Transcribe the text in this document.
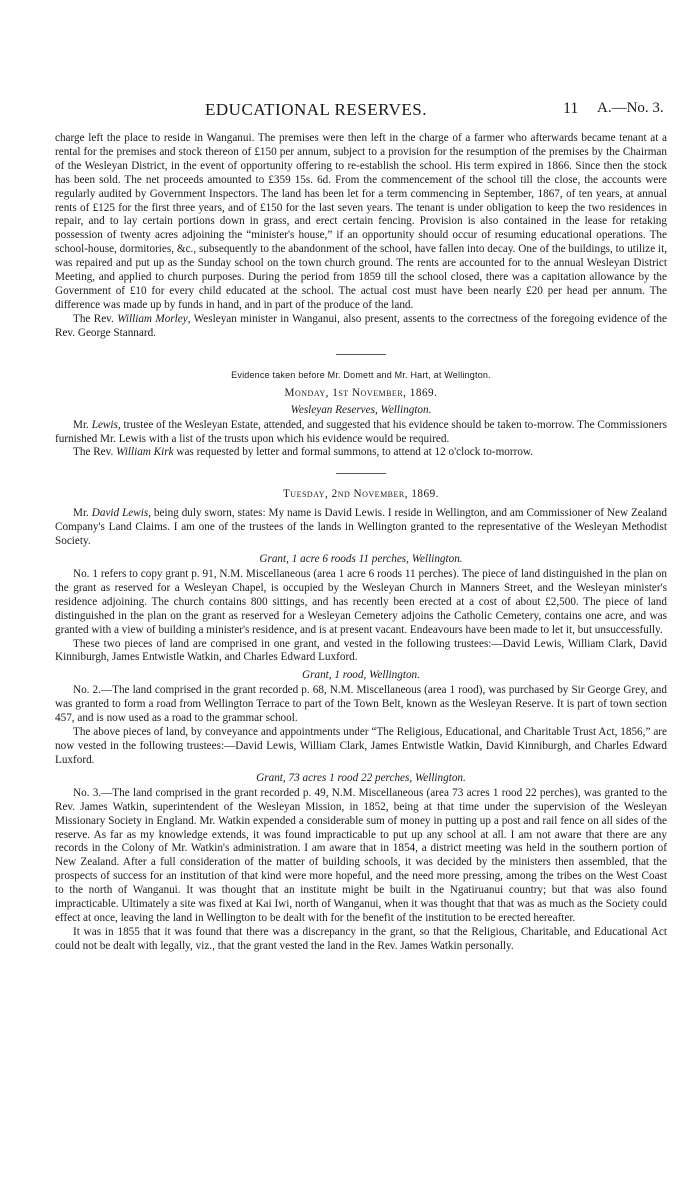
EDUCATIONAL RESERVES.	11 A.—No. 3.

charge left the place to reside in Wanganui. The premises were then left in the charge of a farmer who afterwards became tenant at a rental for the premises and stock thereon of £150 per annum, subject to a provision for the resumption of the premises by the Chairman of the Wesleyan District, in the event of opportunity offering to re-establish the school. His term expired in 1866. Since then the stock has been sold. The net proceeds amounted to £359 15s. 6d. From the commencement of the school till the close, the accounts were regularly audited by Government Inspectors. The land has been let for a term commencing in September, 1867, of ten years, at annual rents of £125 for the first three years, and of £150 for the last seven years. The tenant is under obligation to keep the two residences in repair, and to lay certain portions down in grass, and erect certain fencing. Provision is also contained in the lease for retaking possession of twenty acres adjoining the “minister's house,” if an opportunity should occur of resuming educational operations. The school-house, dormitories, &c., subsequently to the abandonment of the school, have fallen into decay. One of the buildings, to utilize it, was repaired and put up as the Sunday school on the town church ground. The rents are accounted for to the annual Wesleyan District Meeting, and applied to church purposes. During the period from 1859 till the school closed, there was a capitation allowance by the Government of £10 for every child educated at the school. The actual cost must have been nearly £20 per head per annum. The difference was made up by funds in hand, and in part of the produce of the land.

The Rev. William Morley, Wesleyan minister in Wanganui, also present, assents to the correctness of the foregoing evidence of the Rev. George Stannard.

Evidence taken before Mr. Domett and Mr. Hart, at Wellington.

Monday, 1st November, 1869.

Wesleyan Reserves, Wellington.

Mr. Lewis, trustee of the Wesleyan Estate, attended, and suggested that his evidence should be taken to-morrow. The Commissioners furnished Mr. Lewis with a list of the trusts upon which his evidence would be required.

The Rev. William Kirk was requested by letter and formal summons, to attend at 12 o'clock to-morrow.

Tuesday, 2nd November, 1869.

Mr. David Lewis, being duly sworn, states: My name is David Lewis. I reside in Wellington, and am Commissioner of New Zealand Company's Land Claims. I am one of the trustees of the lands in Wellington granted to the representative of the Wesleyan Methodist Society.

Grant, 1 acre 6 roods 11 perches, Wellington.

No. 1 refers to copy grant p. 91, N.M. Miscellaneous (area 1 acre 6 roods 11 perches). The piece of land distinguished in the plan on the grant as reserved for a Wesleyan Chapel, is occupied by the Wesleyan Church in Manners Street, and the Wesleyan minister's residence adjoining. The church contains 800 sittings, and has recently been erected at a cost of about £2,500. The piece of land distinguished in the plan on the grant as reserved for a Wesleyan Cemetery adjoins the Catholic Cemetery, contains one acre, and was granted with a view of building a minister's residence, and is at present vacant. Endeavours have been made to let it, but unsuccessfully.

These two pieces of land are comprised in one grant, and vested in the following trustees:—David Lewis, William Clark, David Kinniburgh, James Entwistle Watkin, and Charles Edward Luxford.

Grant, 1 rood, Wellington.

No. 2.—The land comprised in the grant recorded p. 68, N.M. Miscellaneous (area 1 rood), was purchased by Sir George Grey, and was granted to form a road from Wellington Terrace to part of the Town Belt, known as the Wesleyan Reserve. It is part of town section 457, and is now used as a road to the grammar school.

The above pieces of land, by conveyance and appointments under “The Religious, Educational, and Charitable Trust Act, 1856,” are now vested in the following trustees:—David Lewis, William Clark, James Entwistle Watkin, David Kinniburgh, and Charles Edward Luxford.

Grant, 73 acres 1 rood 22 perches, Wellington.

No. 3.—The land comprised in the grant recorded p. 49, N.M. Miscellaneous (area 73 acres 1 rood 22 perches), was granted to the Rev. James Watkin, superintendent of the Wesleyan Mission, in 1852, being at that time under the supervision of the Wesleyan Missionary Society in England. Mr. Watkin expended a considerable sum of money in putting up a post and rail fence on all sides of the reserve. As far as my knowledge extends, it was found impracticable to put up any school at all. I am not aware that there are any records in the Colony of Mr. Watkin's administration. I am aware that in 1854, a district meeting was held in the southern portion of New Zealand. After a full consideration of the matter of building schools, it was decided by the ministers then assembled, that the prospects of success for an institution of that kind were more hopeful, and the need more pressing, among the tribes on the West Coast to the north of Wanganui. It was thought that an institute might be built in the Ngatiruanui country; but that was also found impracticable. Ultimately a site was fixed at Kai Iwi, north of Wanganui, when it was thought that that was as much as the Society could effect at once, leaving the land in Wellington to be dealt with for the benefit of the institution to be erected hereafter.

It was in 1855 that it was found that there was a discrepancy in the grant, so that the Religious, Charitable, and Educational Act could not be dealt with legally, viz., that the grant vested the land in the Rev. James Watkin personally.
